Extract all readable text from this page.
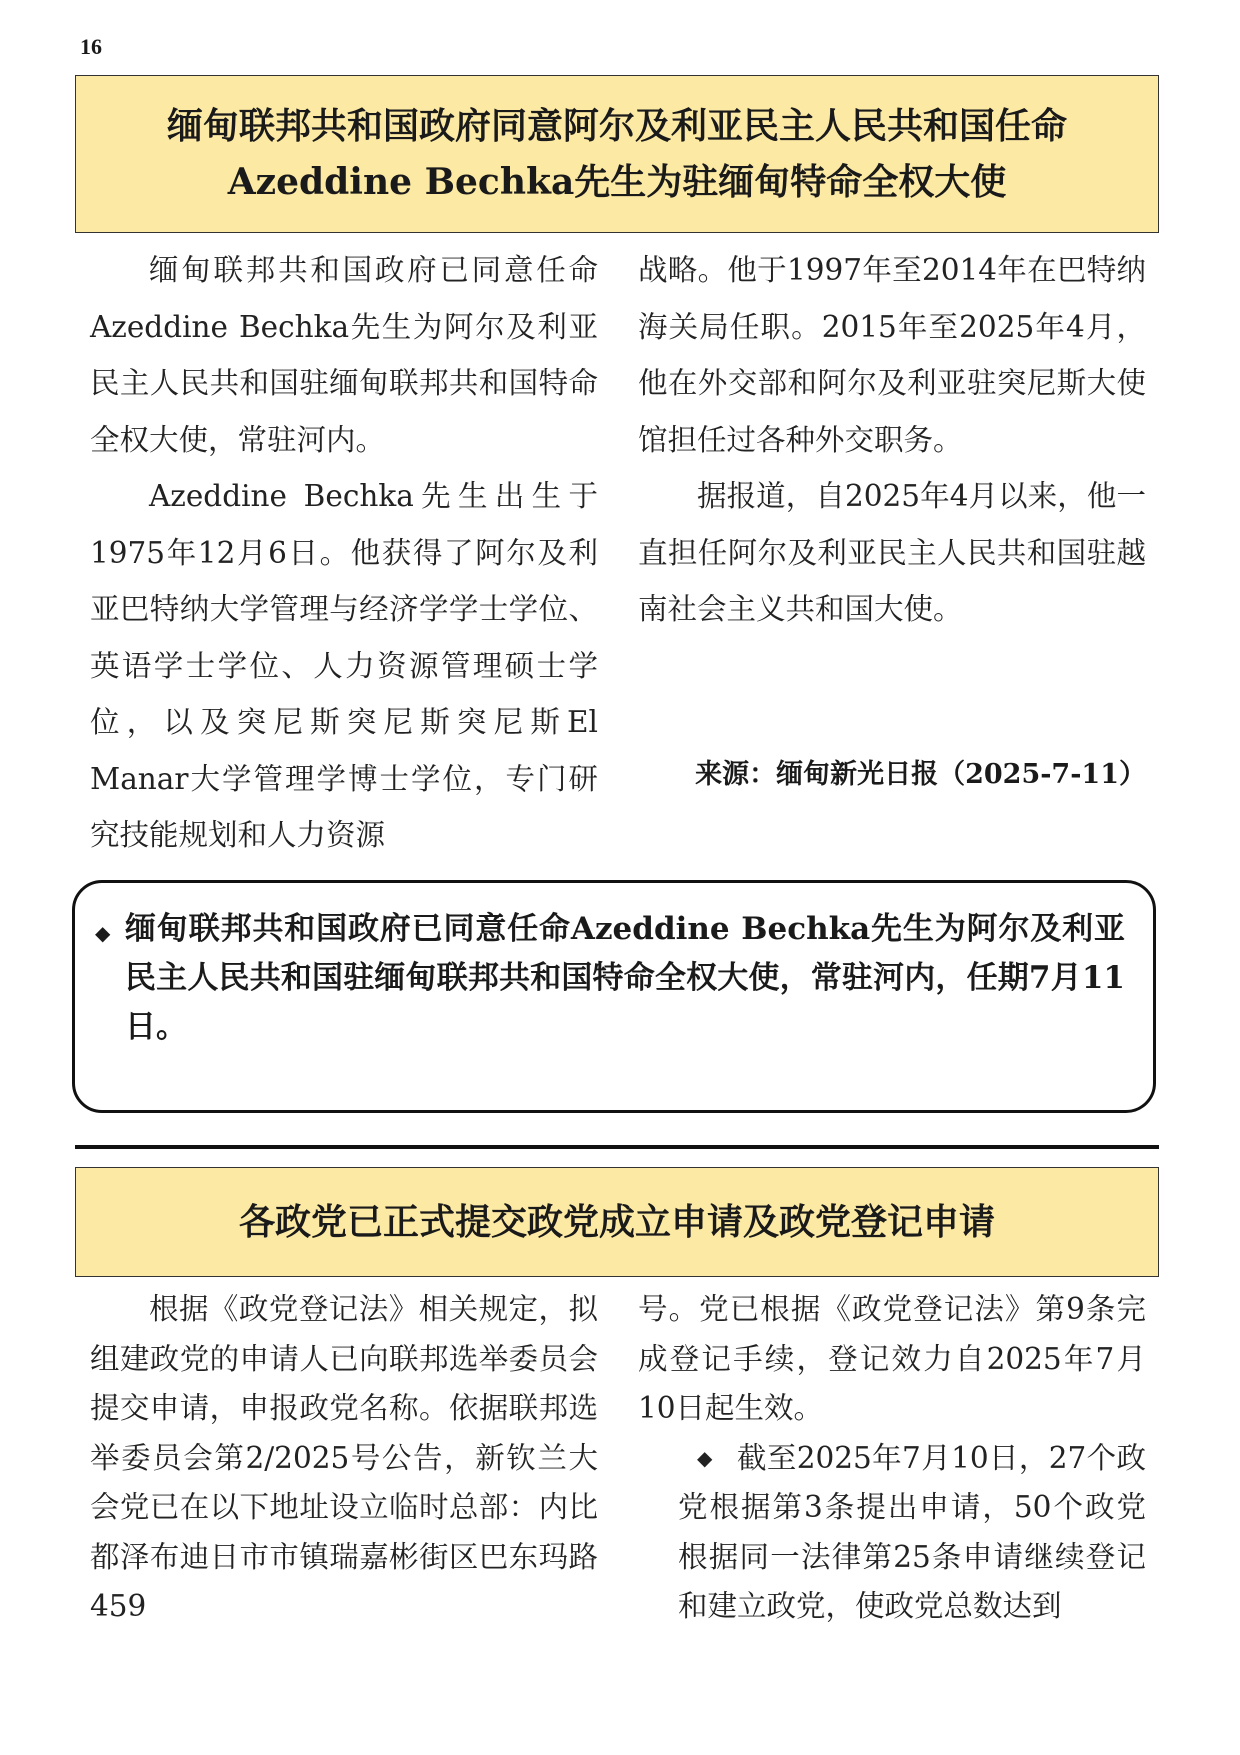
16
缅甸联邦共和国政府同意阿尔及利亚民主人民共和国任命
Azeddine Bechka先生为驻缅甸特命全权大使

缅甸联邦共和国政府已同意任命Azeddine Bechka先生为阿尔及利亚民主人民共和国驻缅甸联邦共和国特命全权大使，常驻河内。

Azeddine Bechka先生出生于1975年12月6日。他获得了阿尔及利亚巴特纳大学管理与经济学学士学位、英语学士学位、人力资源管理硕士学位，以及突尼斯突尼斯突尼斯El Manar大学管理学博士学位，专门研究技能规划和人力资源

战略。他于1997年至2014年在巴特纳海关局任职。2015年至2025年4月，他在外交部和阿尔及利亚驻突尼斯大使馆担任过各种外交职务。

据报道，自2025年4月以来，他一直担任阿尔及利亚民主人民共和国驻越南社会主义共和国大使。

来源：缅甸新光日报（2025-7-11）
◆ 缅甸联邦共和国政府已同意任命Azeddine Bechka先生为阿尔及利亚民主人民共和国驻缅甸联邦共和国特命全权大使，常驻河内，任期7月11日。
各政党已正式提交政党成立申请及政党登记申请

根据《政党登记法》相关规定，拟组建政党的申请人已向联邦选举委员会提交申请，申报政党名称。依据联邦选举委员会第2/2025号公告，新钦兰大会党已在以下地址设立临时总部：内比都泽布迪日市市镇瑞嘉彬街区巴东玛路459

号。党已根据《政党登记法》第9条完成登记手续，登记效力自2025年7月10日起生效。

◆ 截至2025年7月10日，27个政党根据第3条提出申请，50个政党根据同一法律第25条申请继续登记和建立政党，使政党总数达到
